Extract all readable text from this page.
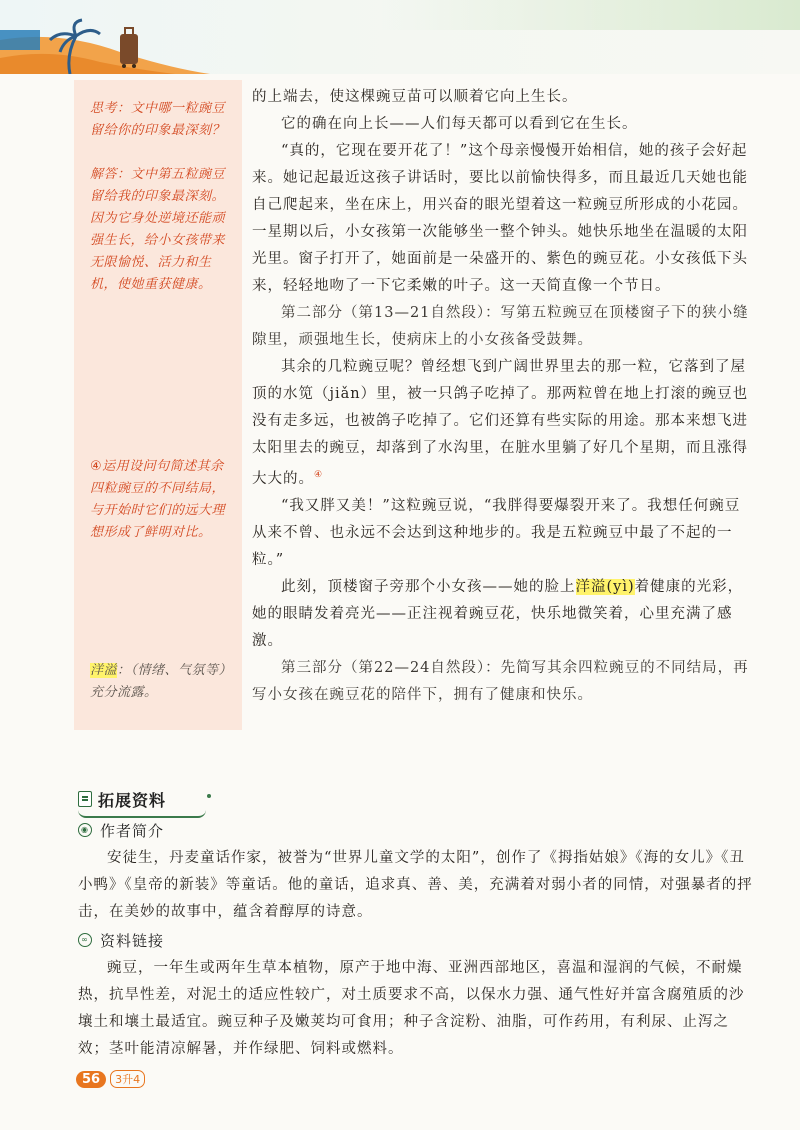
思考：文中哪一粒豌豆留给你的印象最深刻？

解答：文中第五粒豌豆留给我的印象最深刻。因为它身处逆境还能顽强生长，给小女孩带来无限愉悦、活力和生机，使她重获健康。

④运用设问句简述其余四粒豌豆的不同结局，与开始时它们的远大理想形成了鲜明对比。

洋溢：（情绪、气氛等）充分流露。

的上端去，使这棵豌豆苗可以顺着它向上生长。

它的确在向上长——人们每天都可以看到它在生长。

“真的，它现在要开花了！”这个母亲慢慢开始相信，她的孩子会好起来。她记起最近这孩子讲话时，要比以前愉快得多，而且最近几天她也能自己爬起来，坐在床上，用兴奋的眼光望着这一粒豌豆所形成的小花园。一星期以后，小女孩第一次能够坐一整个钟头。她快乐地坐在温暖的太阳光里。窗子打开了，她面前是一朵盛开的、紫色的豌豆花。小女孩低下头来，轻轻地吻了一下它柔嫩的叶子。这一天简直像一个节日。

第二部分（第13—21自然段）：写第五粒豌豆在顶楼窗子下的狭小缝隙里，顽强地生长，使病床上的小女孩备受鼓舞。

其余的几粒豌豆呢？曾经想飞到广阔世界里去的那一粒，它落到了屋顶的水笕（jiǎn）里，被一只鸽子吃掉了。那两粒曾在地上打滚的豌豆也没有走多远，也被鸽子吃掉了。它们还算有些实际的用途。那本来想飞进太阳里去的豌豆，却落到了水沟里，在脏水里躺了好几个星期，而且涨得大大的。④

“我又胖又美！”这粒豌豆说，“我胖得要爆裂开来了。我想任何豌豆从来不曾、也永远不会达到这种地步的。我是五粒豌豆中最了不起的一粒。”

此刻，顶楼窗子旁那个小女孩——她的脸上洋溢(yì)着健康的光彩，她的眼睛发着亮光——正注视着豌豆花，快乐地微笑着，心里充满了感激。

第三部分（第22—24自然段）：先简写其余四粒豌豆的不同结局，再写小女孩在豌豆花的陪伴下，拥有了健康和快乐。

拓展资料
◉ 作者简介

安徒生，丹麦童话作家，被誉为“世界儿童文学的太阳”，创作了《拇指姑娘》《海的女儿》《丑小鸭》《皇帝的新装》等童话。他的童话，追求真、善、美，充满着对弱小者的同情，对强暴者的抨击，在美妙的故事中，蕴含着醇厚的诗意。

∞ 资料链接

豌豆，一年生或两年生草本植物，原产于地中海、亚洲西部地区，喜温和湿润的气候，不耐燥热，抗旱性差，对泥土的适应性较广，对土质要求不高，以保水力强、通气性好并富含腐殖质的沙壤土和壤土最适宜。豌豆种子及嫩荚均可食用；种子含淀粉、油脂，可作药用，有利尿、止泻之效；茎叶能清凉解暑，并作绿肥、饲料或燃料。

56	3升4
